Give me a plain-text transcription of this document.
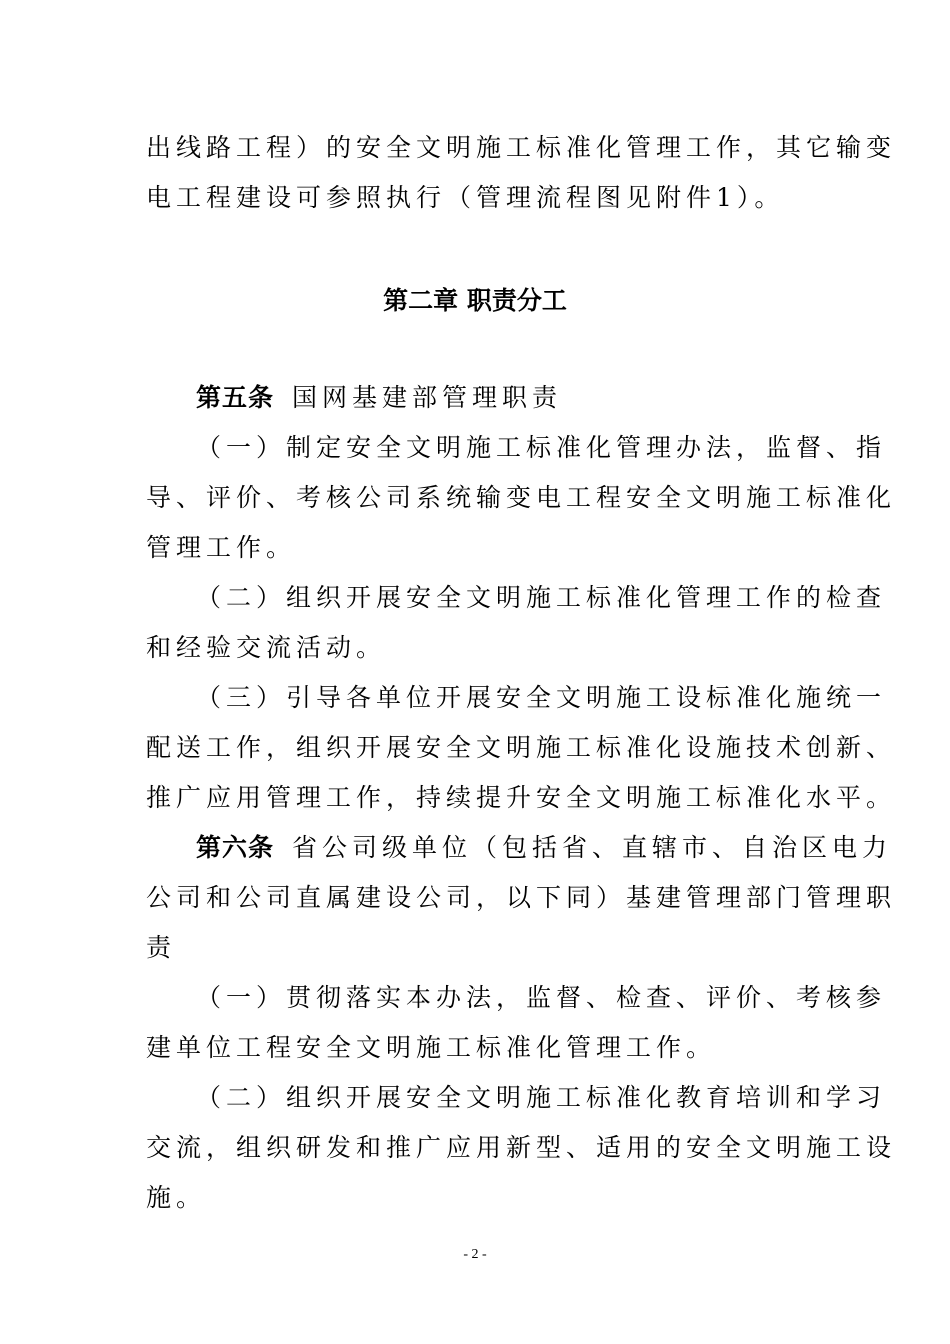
出线路工程）的安全文明施工标准化管理工作，其它输变
电工程建设可参照执行（管理流程图见附件1）。
第二章 职责分工
第五条 国网基建部管理职责
（一）制定安全文明施工标准化管理办法，监督、指
导、评价、考核公司系统输变电工程安全文明施工标准化
管理工作。
（二）组织开展安全文明施工标准化管理工作的检查
和经验交流活动。
（三）引导各单位开展安全文明施工设标准化施统一
配送工作，组织开展安全文明施工标准化设施技术创新、
推广应用管理工作，持续提升安全文明施工标准化水平。
第六条 省公司级单位（包括省、直辖市、自治区电力
公司和公司直属建设公司，以下同）基建管理部门管理职
责
（一）贯彻落实本办法，监督、检查、评价、考核参
建单位工程安全文明施工标准化管理工作。
（二）组织开展安全文明施工标准化教育培训和学习
交流，组织研发和推广应用新型、适用的安全文明施工设
施。
- 2 -
